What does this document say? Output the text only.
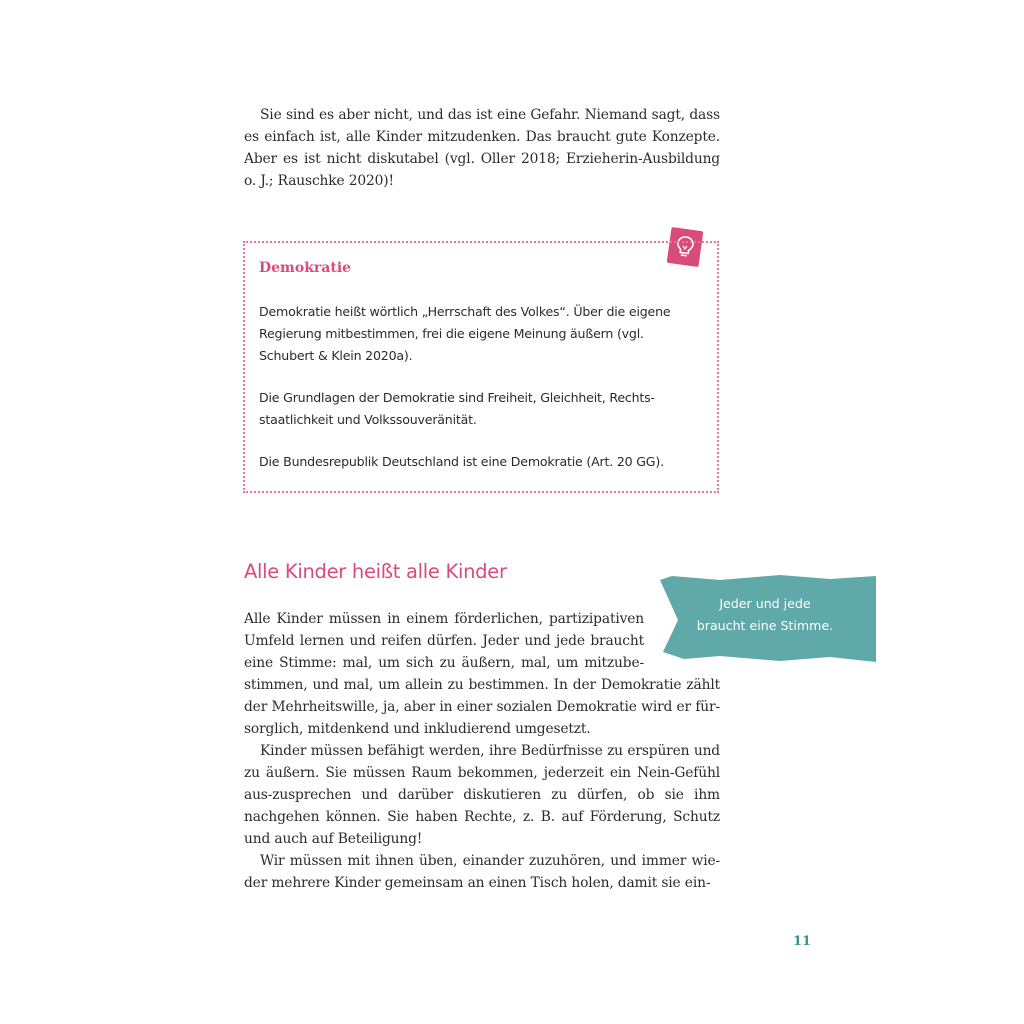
Sie sind es aber nicht, und das ist eine Gefahr. Niemand sagt, dass es einfach ist, alle Kinder mitzudenken. Das braucht gute Konzepte. Aber es ist nicht diskutabel (vgl. Oller 2018; Erzieherin-Ausbildung o. J.; Rauschke 2020)!

Demokratie

Demokratie heißt wörtlich „Herrschaft des Volkes“. Über die eigene Regierung mitbestimmen, frei die eigene Meinung äußern (vgl. Schubert & Klein 2020a).

Die Grundlagen der Demokratie sind Freiheit, Gleichheit, Rechts-staatlichkeit und Volkssouveränität.

Die Bundesrepublik Deutschland ist eine Demokratie (Art. 20 GG).

Alle Kinder heißt alle Kinder

Alle Kinder müssen in einem förderlichen, partizipativen Umfeld lernen und reifen dürfen. Jeder und jede braucht eine Stimme: mal, um sich zu äußern, mal, um mitzube-stimmen, und mal, um allein zu bestimmen. In der Demokratie zählt der Mehrheitswille, ja, aber in einer sozialen Demokratie wird er für-sorglich, mitdenkend und inkludierend umgesetzt.

Kinder müssen befähigt werden, ihre Bedürfnisse zu erspüren und zu äußern. Sie müssen Raum bekommen, jederzeit ein Nein-Gefühl aus-zusprechen und darüber diskutieren zu dürfen, ob sie ihm nachgehen können. Sie haben Rechte, z. B. auf Förderung, Schutz und auch auf Beteiligung!

Wir müssen mit ihnen üben, einander zuzuhören, und immer wie-der mehrere Kinder gemeinsam an einen Tisch holen, damit sie ein-

Jeder und jede
braucht eine Stimme.
11
